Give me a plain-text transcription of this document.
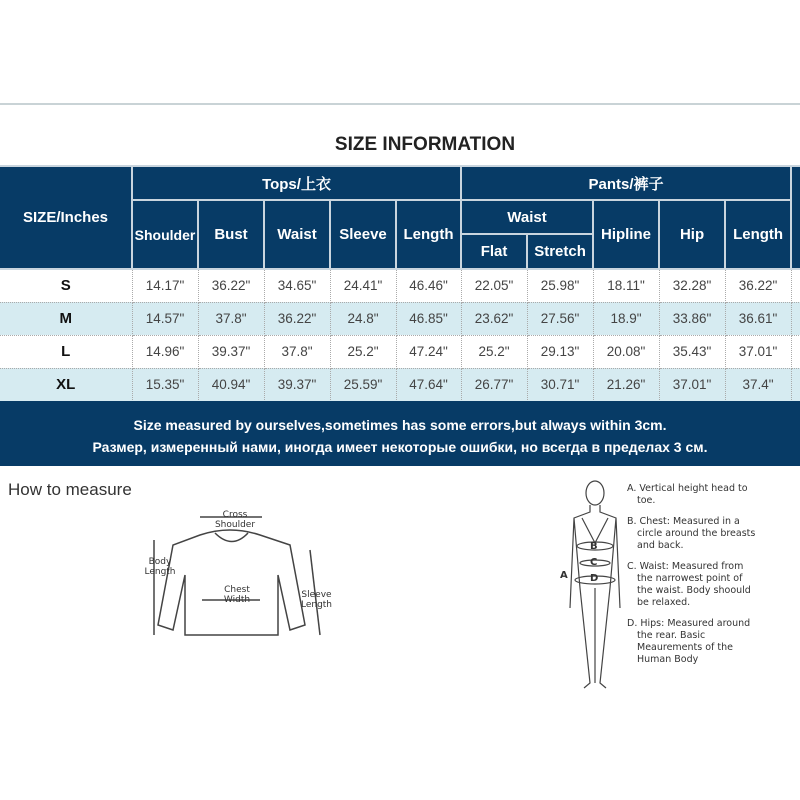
SIZE INFORMATION
SIZE/Inches	Tops/上衣					Pants/裤子					
	Shoulder	Bust	Waist	Sleeve	Length	Waist		Hipline	Hip	Length	
						Flat	Stretch				
S	14.17"	36.22"	34.65"	24.41"	46.46"	22.05"	25.98"	18.11"	32.28"	36.22"	
M	14.57"	37.8"	36.22"	24.8"	46.85"	23.62"	27.56"	18.9"	33.86"	36.61"	
L	14.96"	39.37"	37.8"	25.2"	47.24"	25.2"	29.13"	20.08"	35.43"	37.01"	
XL	15.35"	40.94"	39.37"	25.59"	47.64"	26.77"	30.71"	21.26"	37.01"	37.4"	
Size measured by ourselves,sometimes has some errors,but always within 3cm.
Размер, измеренный нами, иногда имеет некоторые ошибки, но всегда в пределах 3 см.
How to measure
Cross Shoulder
Body Length
Chest Width	Sleeve Length
B
C
A D

A. Vertical height head to toe.

B. Chest: Measured in a circle around the breasts and back.

C. Waist: Measured from the narrowest point of the waist. Body shoould be relaxed.

D. Hips: Measured around the rear. Basic Meaurements of the Human Body
